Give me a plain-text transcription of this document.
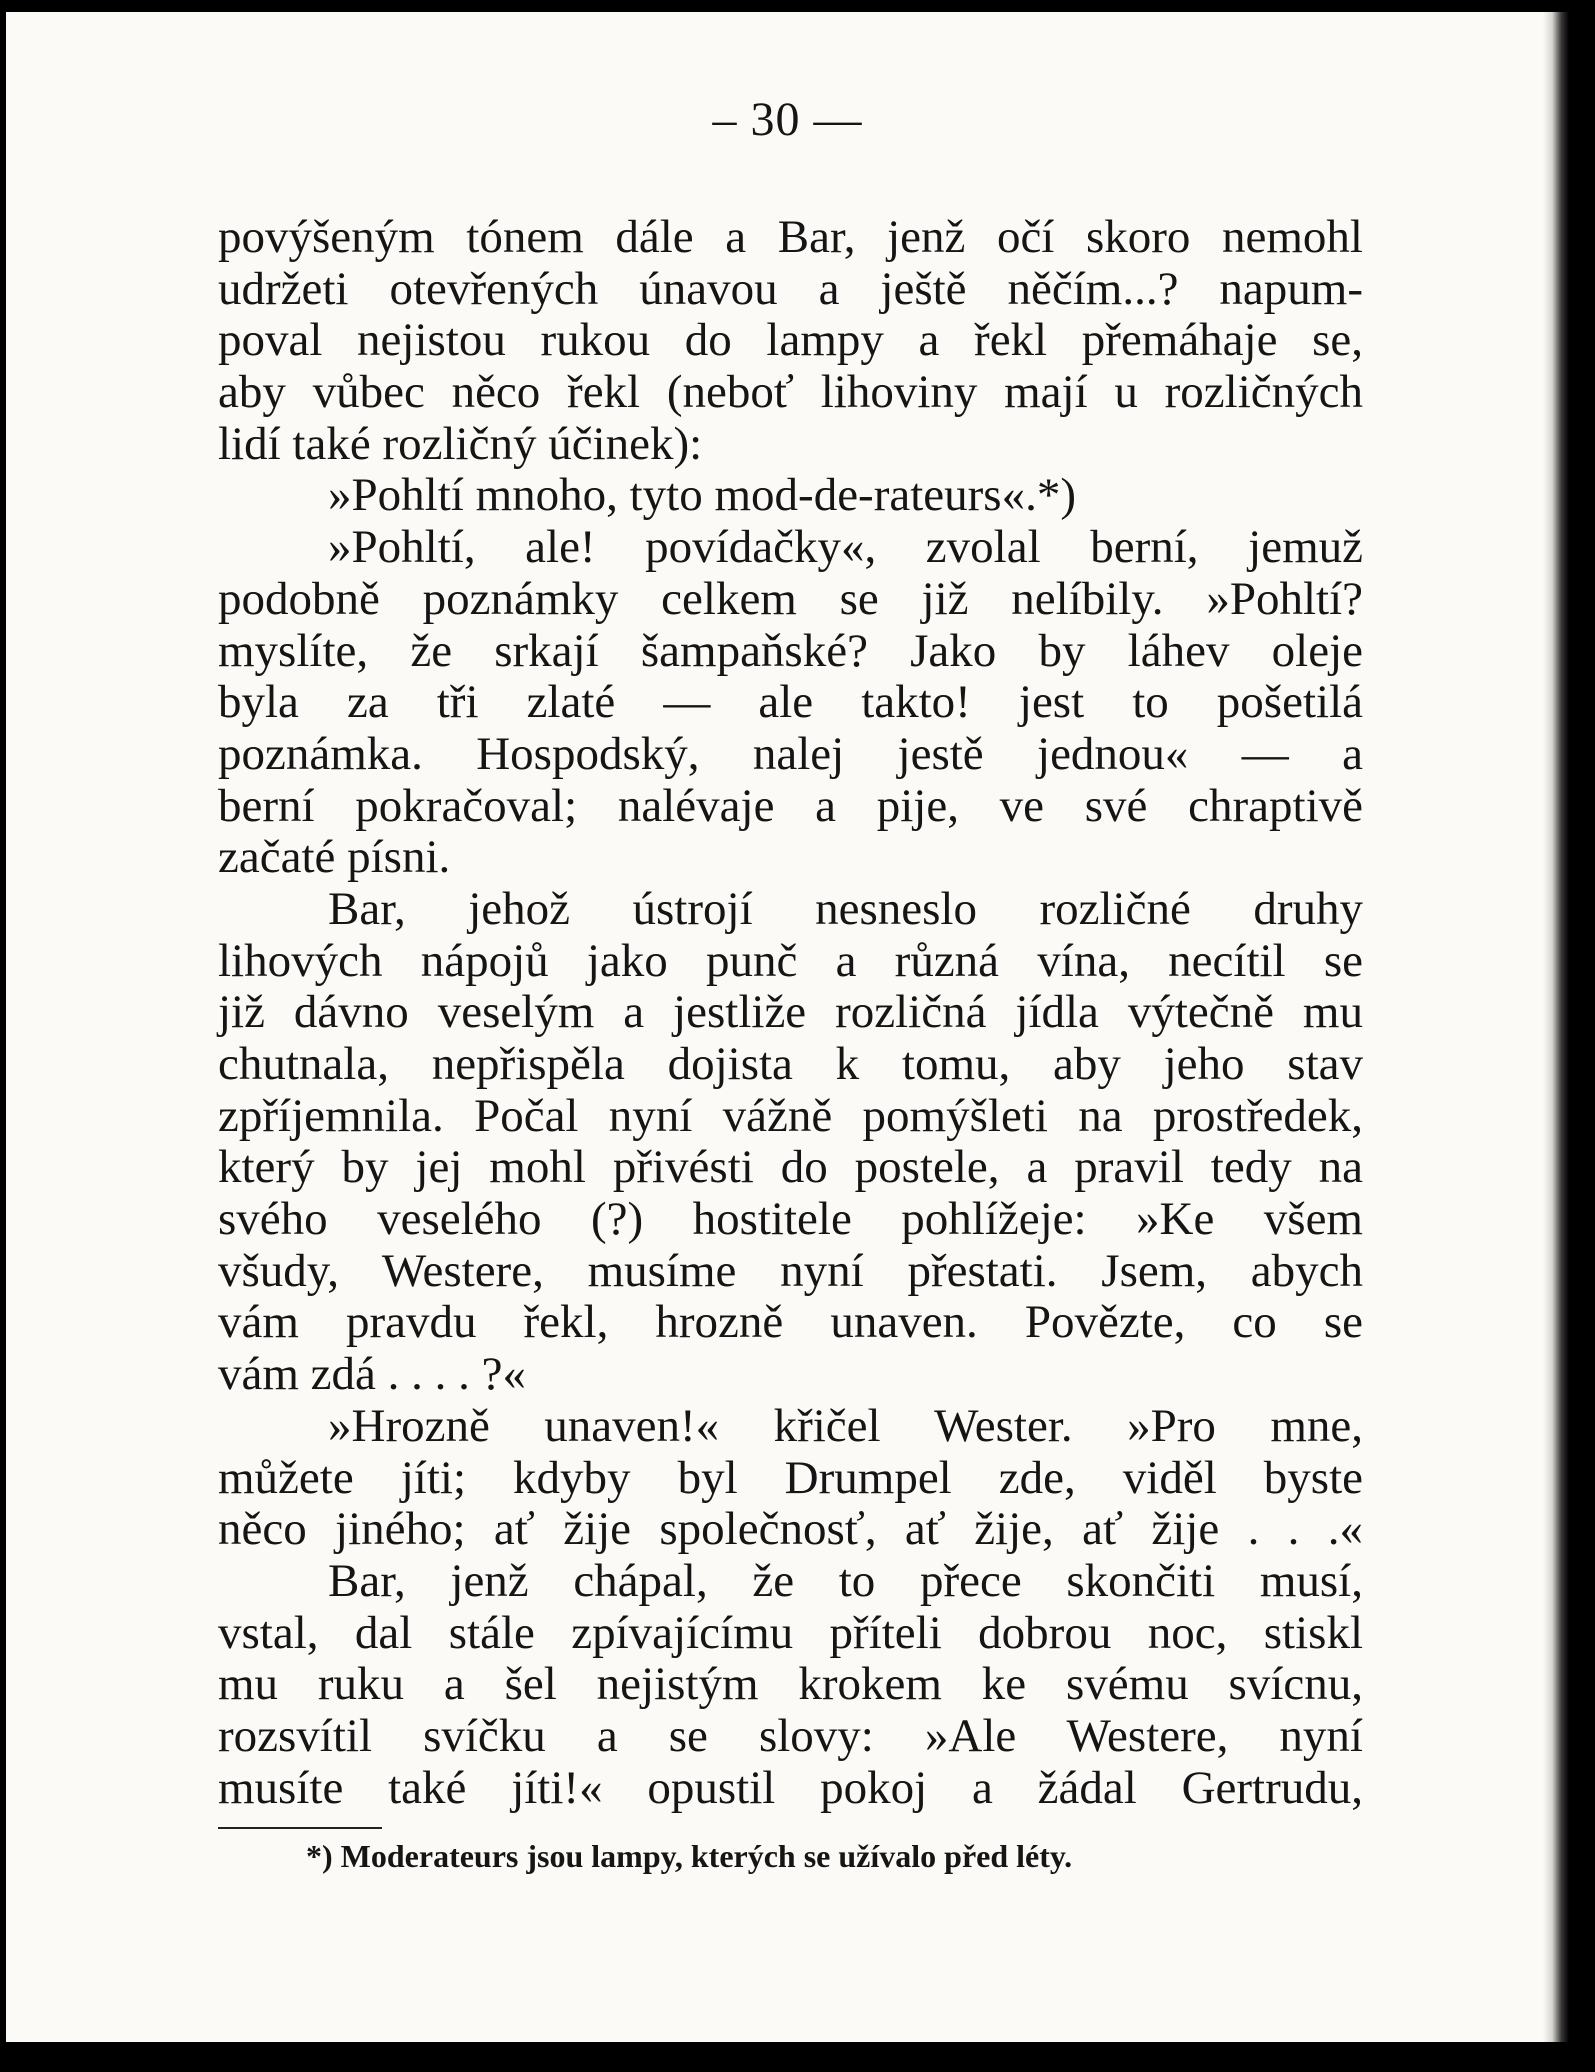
– 30 —
povýšeným tónem dále a Bar, jenž očí skoro nemohl
udržeti otevřených únavou a ještě něčím...? napum-
poval nejistou rukou do lampy a řekl přemáhaje se,
aby vůbec něco řekl (neboť lihoviny mají u rozličných
lidí také rozličný účinek):
»Pohltí mnoho, tyto mod-de-rateurs«.*)
»Pohltí, ale! povídačky«, zvolal berní, jemuž
podobně poznámky celkem se již nelíbily. »Pohltí?
myslíte, že srkají šampaňské? Jako by láhev oleje
byla za tři zlaté — ale takto! jest to pošetilá
poznámka. Hospodský, nalej jestě jednou« — a
berní pokračoval; nalévaje a pije, ve své chraptivě
začaté písni.
Bar, jehož ústrojí nesneslo rozličné druhy
lihových nápojů jako punč a různá vína, necítil se
již dávno veselým a jestliže rozličná jídla výtečně mu
chutnala, nepřispěla dojista k tomu, aby jeho stav
zpříjemnila. Počal nyní vážně pomýšleti na prostředek,
který by jej mohl přivésti do postele, a pravil tedy na
svého veselého (?) hostitele pohlížeje: »Ke všem
všudy, Westere, musíme nyní přestati. Jsem, abych
vám pravdu řekl, hrozně unaven. Povězte, co se
vám zdá . . . . ?«
»Hrozně unaven!« křičel Wester. »Pro mne,
můžete jíti; kdyby byl Drumpel zde, viděl byste
něco jiného; ať žije společnosť, ať žije, ať žije . . .«
Bar, jenž chápal, že to přece skončiti musí,
vstal, dal stále zpívajícímu příteli dobrou noc, stiskl
mu ruku a šel nejistým krokem ke svému svícnu,
rozsvítil svíčku a se slovy: »Ale Westere, nyní
musíte také jíti!« opustil pokoj a žádal Gertrudu,
*) Moderateurs jsou lampy, kterých se užívalo před léty.
